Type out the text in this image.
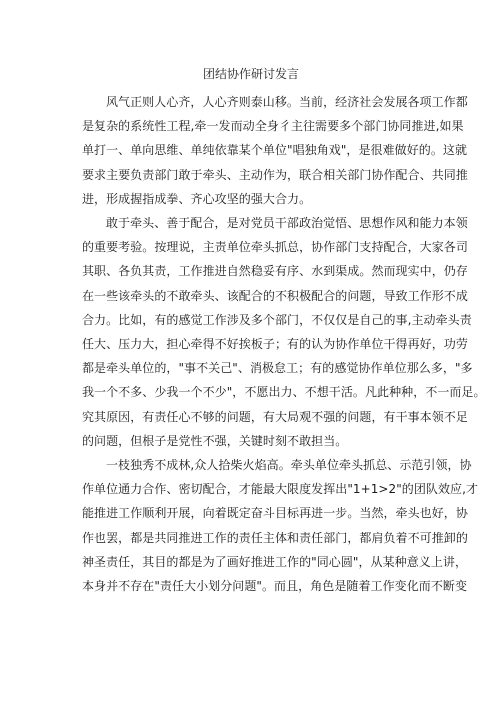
团结协作研讨发言

风气正则人心齐，人心齐则泰山移。当前，经济社会发展各项工作都
是复杂的系统性工程,牵一发而动全身彳主往需要多个部门协同推进,如果
单打一、单向思维、单纯依靠某个单位"唱独角戏"，是很难做好的。这就
要求主要负责部门敢于牵头、主动作为，联合相关部门协作配合、共同推
进，形成握指成拳、齐心攻坚的强大合力。

敢于牵头、善于配合，是对党员干部政治觉悟、思想作风和能力本领
的重要考验。按理说，主责单位牵头抓总，协作部门支持配合，大家各司
其职、各负其责，工作推进自然稳妥有序、水到渠成。然而现实中，仍存
在一些该牵头的不敢牵头、该配合的不积极配合的问题，导致工作形不成
合力。比如，有的感觉工作涉及多个部门，不仅仅是自己的事,主动牵头责
任大、压力大，担心牵得不好挨板子；有的认为协作单位干得再好，功劳
都是牵头单位的，"事不关己"、消极怠工；有的感觉协作单位那么多，"多
我一个不多、少我一个不少"，不愿出力、不想干活。凡此种种，不一而足。
究其原因，有责任心不够的问题，有大局观不强的问题，有干事本领不足
的问题，但根子是党性不强，关键时刻不敢担当。

一枝独秀不成林,众人拾柴火焰高。牵头单位牵头抓总、示范引领，协
作单位通力合作、密切配合，才能最大限度发挥出"1+1>2"的团队效应,才
能推进工作顺利开展，向着既定奋斗目标再进一步。当然，牵头也好，协
作也罢，都是共同推进工作的责任主体和责任部门，都肩负着不可推卸的
神圣责任，其目的都是为了画好推进工作的"同心圆"，从某种意义上讲，
本身并不存在"责任大小划分问题"。而且，角色是随着工作变化而不断变
